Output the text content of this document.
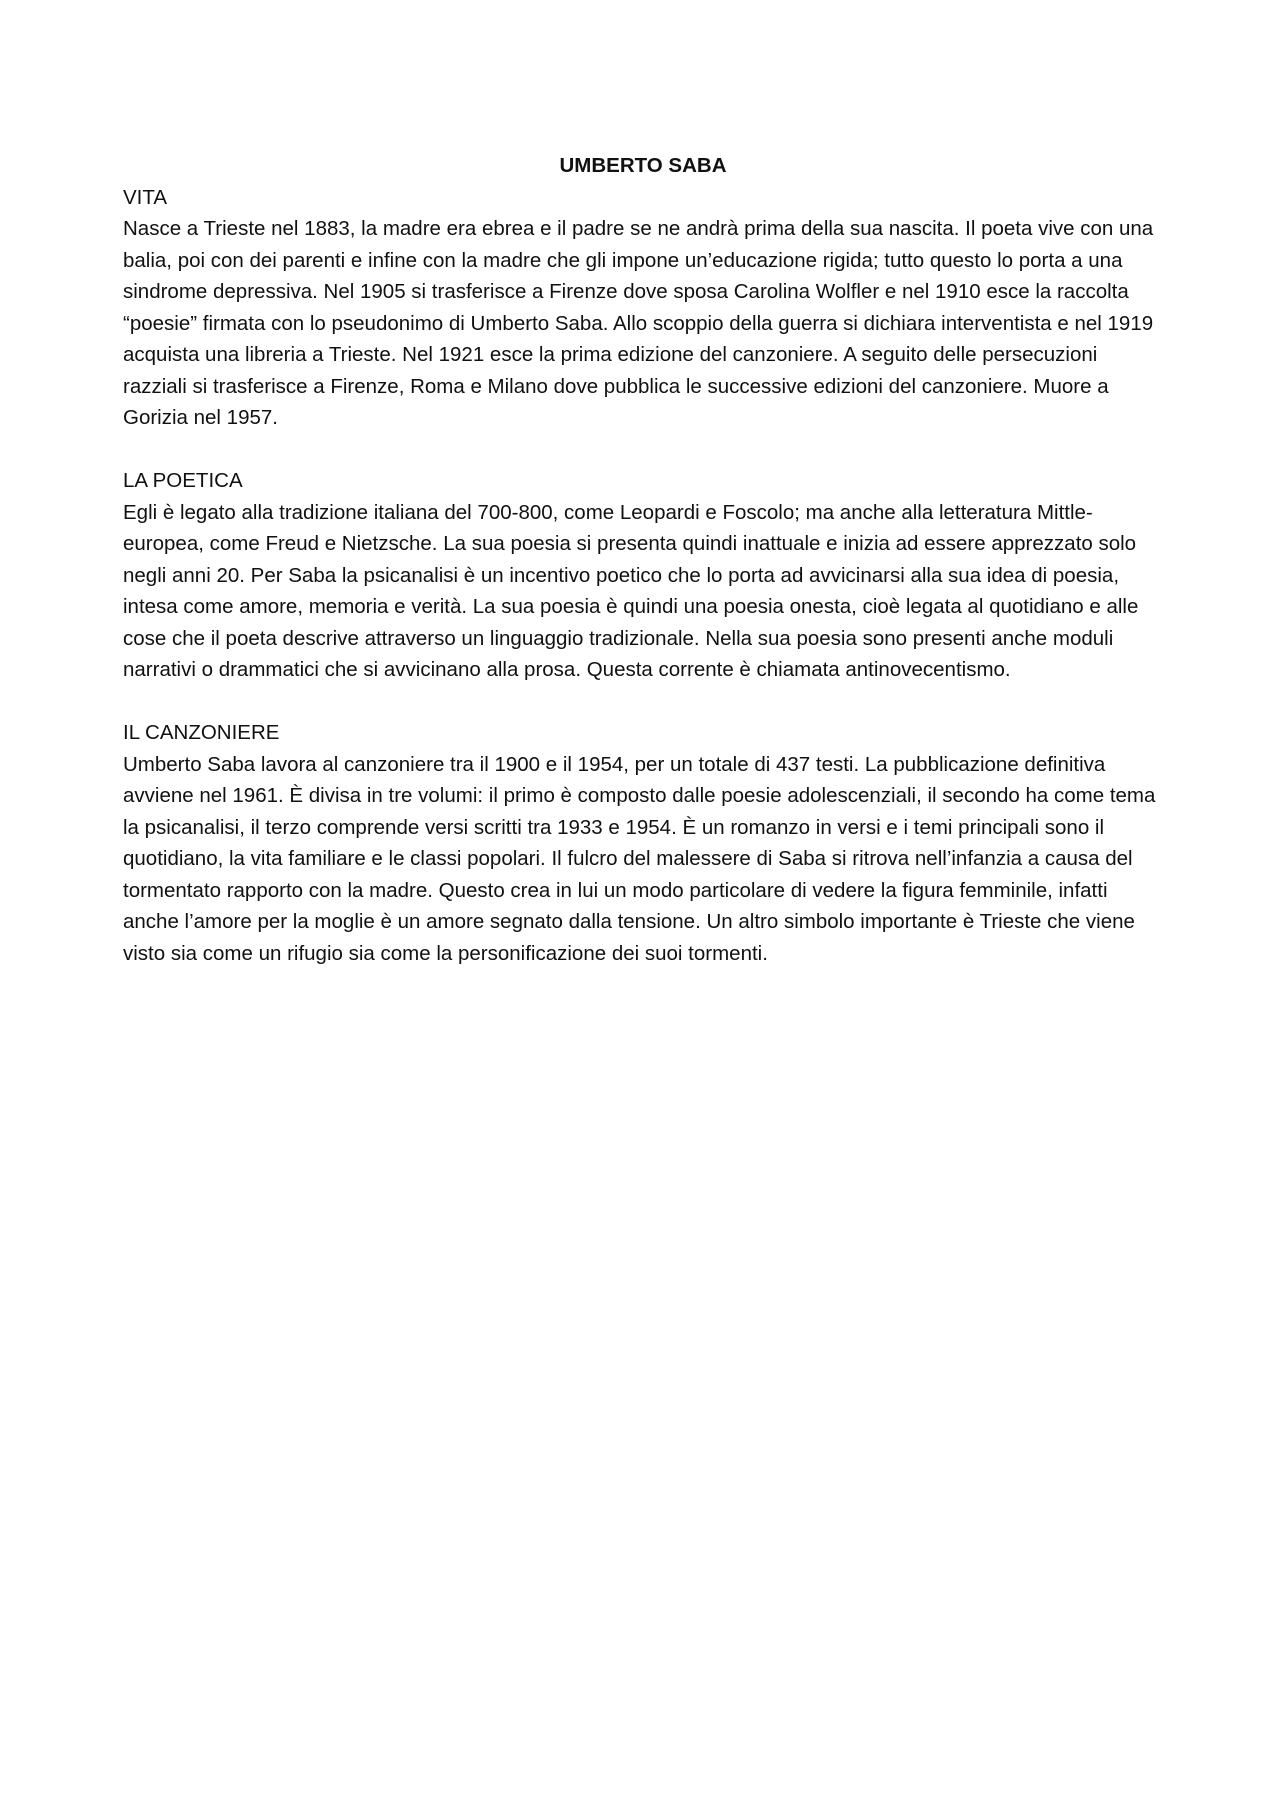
UMBERTO SABA

VITA

Nasce a Trieste nel 1883, la madre era ebrea e il padre se ne andrà prima della sua nascita. Il poeta vive con una balia, poi con dei parenti e infine con la madre che gli impone un’educazione rigida; tutto questo lo porta a una sindrome depressiva. Nel 1905 si trasferisce a Firenze dove sposa Carolina Wolfler e nel 1910 esce la raccolta “poesie” firmata con lo pseudonimo di Umberto Saba. Allo scoppio della guerra si dichiara interventista e nel 1919 acquista una libreria a Trieste. Nel 1921 esce la prima edizione del canzoniere. A seguito delle persecuzioni razziali si trasferisce a Firenze, Roma e Milano dove pubblica le successive edizioni del canzoniere. Muore a Gorizia nel 1957.

LA POETICA

Egli è legato alla tradizione italiana del 700-800, come Leopardi e Foscolo; ma anche alla letteratura Mittle-europea, come Freud e Nietzsche. La sua poesia si presenta quindi inattuale e inizia ad essere apprezzato solo negli anni 20. Per Saba la psicanalisi è un incentivo poetico che lo porta ad avvicinarsi alla sua idea di poesia, intesa come amore, memoria e verità. La sua poesia è quindi una poesia onesta, cioè legata al quotidiano e alle cose che il poeta descrive attraverso un linguaggio tradizionale. Nella sua poesia sono presenti anche moduli narrativi o drammatici che si avvicinano alla prosa. Questa corrente è chiamata antinovecentismo.

IL CANZONIERE

Umberto Saba lavora al canzoniere tra il 1900 e il 1954, per un totale di 437 testi. La pubblicazione definitiva avviene nel 1961. È divisa in tre volumi: il primo è composto dalle poesie adolescenziali, il secondo ha come tema la psicanalisi, il terzo comprende versi scritti tra 1933 e 1954. È un romanzo in versi e i temi principali sono il quotidiano, la vita familiare e le classi popolari. Il fulcro del malessere di Saba si ritrova nell’infanzia a causa del tormentato rapporto con la madre. Questo crea in lui un modo particolare di vedere la figura femminile, infatti anche l’amore per la moglie è un amore segnato dalla tensione. Un altro simbolo importante è Trieste che viene visto sia come un rifugio sia come la personificazione dei suoi tormenti.
